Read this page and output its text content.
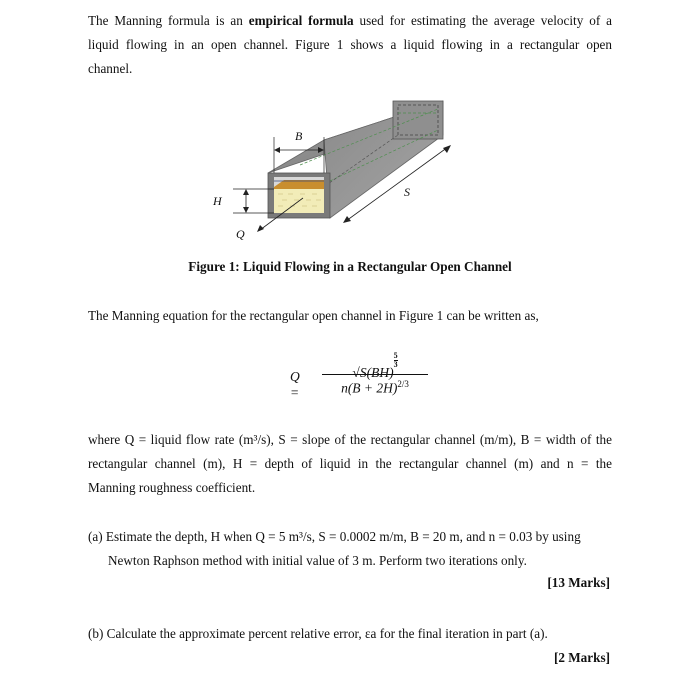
The Manning formula is an empirical formula used for estimating the average velocity of a
liquid flowing in an open channel. Figure 1 shows a liquid flowing in a rectangular open
channel.
B
H
S
Q
Figure 1: Liquid Flowing in a Rectangular Open Channel
The Manning equation for the rectangular open channel in Figure 1 can be written as,
Q =
√S(BH)
$\frac{5}{3}$
$n(B + 2H)^{2/3}$
where Q = liquid flow rate (m³/s), S = slope of the rectangular channel (m/m), B = width of the
rectangular channel (m), H = depth of liquid in the rectangular channel (m) and n = the
Manning roughness coefficient.
(a) Estimate the depth, H when Q = 5 m³/s, S = 0.0002 m/m, B = 20 m, and n = 0.03 by using
Newton Raphson method with initial value of 3 m. Perform two iterations only.
[13 Marks]
(b) Calculate the approximate percent relative error, εa for the final iteration in part (a).
[2 Marks]
